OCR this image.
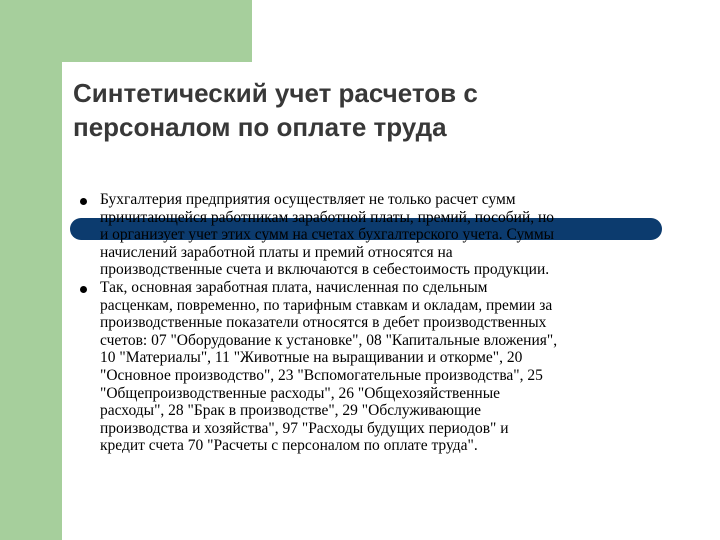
Синтетический учет расчетов с
персоналом по оплате труда
Бухгалтерия предприятия осуществляет не только расчет сумм
причитающейся работникам заработной платы, премий, пособий, но
и организует учет этих сумм на счетах бухгалтерского учета. Суммы
начислений заработной платы и премий относятся на
производственные счета и включаются в себестоимость продукции.
Так, основная заработная плата, начисленная по сдельным
расценкам, повременно, по тарифным ставкам и окладам, премии за
производственные показатели относятся в дебет производственных
счетов: 07 "Оборудование к установке", 08 "Капитальные вложения",
10 "Материалы", 11 "Животные на выращивании и откорме", 20
"Основное производство", 23 "Вспомогательные производства", 25
"Общепроизводственные расходы", 26 "Общехозяйственные
расходы", 28 "Брак в производстве", 29 "Обслуживающие
производства и хозяйства", 97 "Расходы будущих периодов" и
кредит счета 70 "Расчеты с персоналом по оплате труда".
